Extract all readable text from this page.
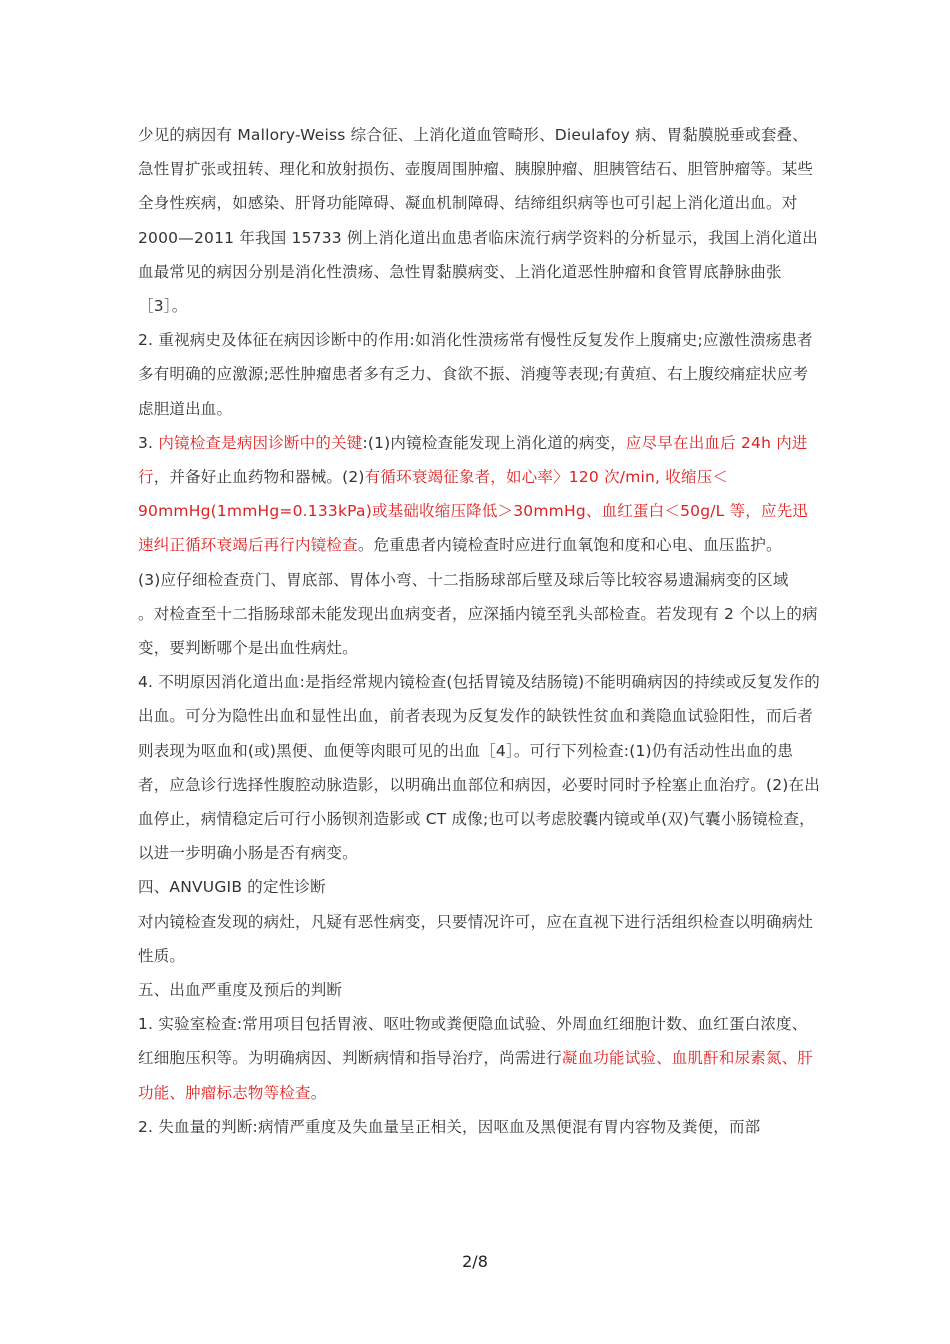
少见的病因有 Mallory-Weiss 综合征、上消化道血管畸形、Dieulafoy 病、胃黏膜脱垂或套叠、急性胃扩张或扭转、理化和放射损伤、壶腹周围肿瘤、胰腺肿瘤、胆胰管结石、胆管肿瘤等。某些全身性疾病，如感染、肝肾功能障碍、凝血机制障碍、结缔组织病等也可引起上消化道出血。对 2000—2011 年我国 15733 例上消化道出血患者临床流行病学资料的分析显示，我国上消化道出血最常见的病因分别是消化性溃疡、急性胃黏膜病变、上消化道恶性肿瘤和食管胃底静脉曲张［3］。

2. 重视病史及体征在病因诊断中的作用:如消化性溃疡常有慢性反复发作上腹痛史;应激性溃疡患者多有明确的应激源;恶性肿瘤患者多有乏力、食欲不振、消瘦等表现;有黄疸、右上腹绞痛症状应考虑胆道出血。

3. 内镜检查是病因诊断中的关键:(1)内镜检查能发现上消化道的病变，应尽早在出血后 24h 内进行，并备好止血药物和器械。(2)有循环衰竭征象者，如心率〉120 次/min, 收缩压＜90mmHg(1mmHg=0.133kPa)或基础收缩压降低＞30mmHg、血红蛋白＜50g/L 等，应先迅速纠正循环衰竭后再行内镜检查。危重患者内镜检查时应进行血氧饱和度和心电、血压监护。

(3)应仔细检查贲门、胃底部、胃体小弯、十二指肠球部后壁及球后等比较容易遗漏病变的区域

。对检查至十二指肠球部未能发现出血病变者，应深插内镜至乳头部检查。若发现有 2 个以上的病变，要判断哪个是出血性病灶。

4. 不明原因消化道出血:是指经常规内镜检查(包括胃镜及结肠镜)不能明确病因的持续或反复发作的出血。可分为隐性出血和显性出血，前者表现为反复发作的缺铁性贫血和粪隐血试验阳性，而后者则表现为呕血和(或)黑便、血便等肉眼可见的出血［4］。可行下列检查:(1)仍有活动性出血的患者，应急诊行选择性腹腔动脉造影，以明确出血部位和病因，必要时同时予栓塞止血治疗。(2)在出血停止，病情稳定后可行小肠钡剂造影或 CT 成像;也可以考虑胶囊内镜或单(双)气囊小肠镜检查，以进一步明确小肠是否有病变。

四、ANVUGIB 的定性诊断

对内镜检查发现的病灶，凡疑有恶性病变，只要情况许可，应在直视下进行活组织检查以明确病灶性质。

五、出血严重度及预后的判断

1. 实验室检查:常用项目包括胃液、呕吐物或粪便隐血试验、外周血红细胞计数、血红蛋白浓度、红细胞压积等。为明确病因、判断病情和指导治疗，尚需进行凝血功能试验、血肌酐和尿素氮、肝功能、肿瘤标志物等检查。

2. 失血量的判断:病情严重度及失血量呈正相关，因呕血及黑便混有胃内容物及粪便，而部

2/8
